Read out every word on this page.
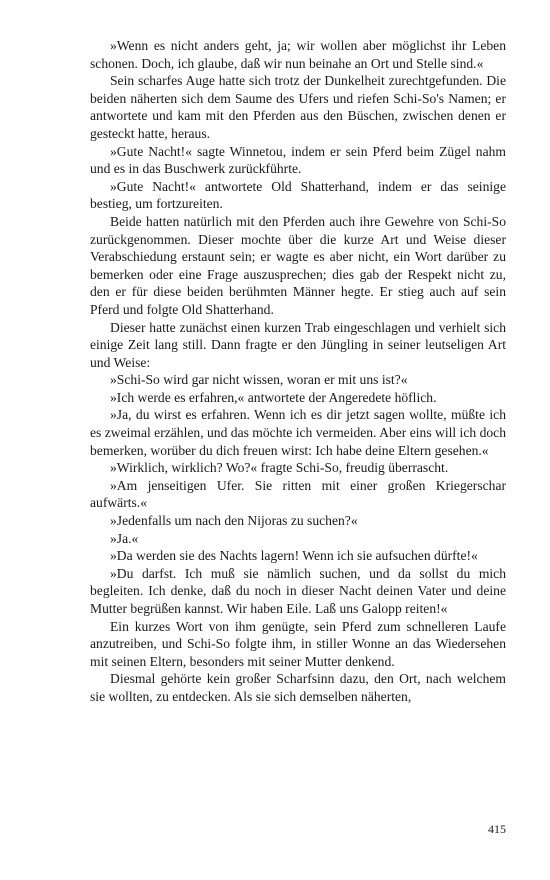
»Wenn es nicht anders geht, ja; wir wollen aber möglichst ihr Leben schonen. Doch, ich glaube, daß wir nun beinahe an Ort und Stelle sind.«

Sein scharfes Auge hatte sich trotz der Dunkelheit zurechtgefunden. Die beiden näherten sich dem Saume des Ufers und riefen Schi-So's Namen; er antwortete und kam mit den Pferden aus den Büschen, zwischen denen er gesteckt hatte, heraus.

»Gute Nacht!« sagte Winnetou, indem er sein Pferd beim Zügel nahm und es in das Buschwerk zurückführte.

»Gute Nacht!« antwortete Old Shatterhand, indem er das seinige bestieg, um fortzureiten.

Beide hatten natürlich mit den Pferden auch ihre Gewehre von Schi-So zurückgenommen. Dieser mochte über die kurze Art und Weise dieser Verabschiedung erstaunt sein; er wagte es aber nicht, ein Wort darüber zu bemerken oder eine Frage auszusprechen; dies gab der Respekt nicht zu, den er für diese beiden berühmten Männer hegte. Er stieg auch auf sein Pferd und folgte Old Shatterhand.

Dieser hatte zunächst einen kurzen Trab eingeschlagen und verhielt sich einige Zeit lang still. Dann fragte er den Jüngling in seiner leutseligen Art und Weise:

»Schi-So wird gar nicht wissen, woran er mit uns ist?«

»Ich werde es erfahren,« antwortete der Angeredete höflich.

»Ja, du wirst es erfahren. Wenn ich es dir jetzt sagen wollte, müßte ich es zweimal erzählen, und das möchte ich vermeiden. Aber eins will ich doch bemerken, worüber du dich freuen wirst: Ich habe deine Eltern gesehen.«

»Wirklich, wirklich? Wo?« fragte Schi-So, freudig überrascht.

»Am jenseitigen Ufer. Sie ritten mit einer großen Kriegerschar aufwärts.«

»Jedenfalls um nach den Nijoras zu suchen?«

»Ja.«

»Da werden sie des Nachts lagern! Wenn ich sie aufsuchen dürfte!«

»Du darfst. Ich muß sie nämlich suchen, und da sollst du mich begleiten. Ich denke, daß du noch in dieser Nacht deinen Vater und deine Mutter begrüßen kannst. Wir haben Eile. Laß uns Galopp reiten!«

Ein kurzes Wort von ihm genügte, sein Pferd zum schnelleren Laufe anzutreiben, und Schi-So folgte ihm, in stiller Wonne an das Wiedersehen mit seinen Eltern, besonders mit seiner Mutter denkend.

Diesmal gehörte kein großer Scharfsinn dazu, den Ort, nach welchem sie wollten, zu entdecken. Als sie sich demselben näherten,

415
